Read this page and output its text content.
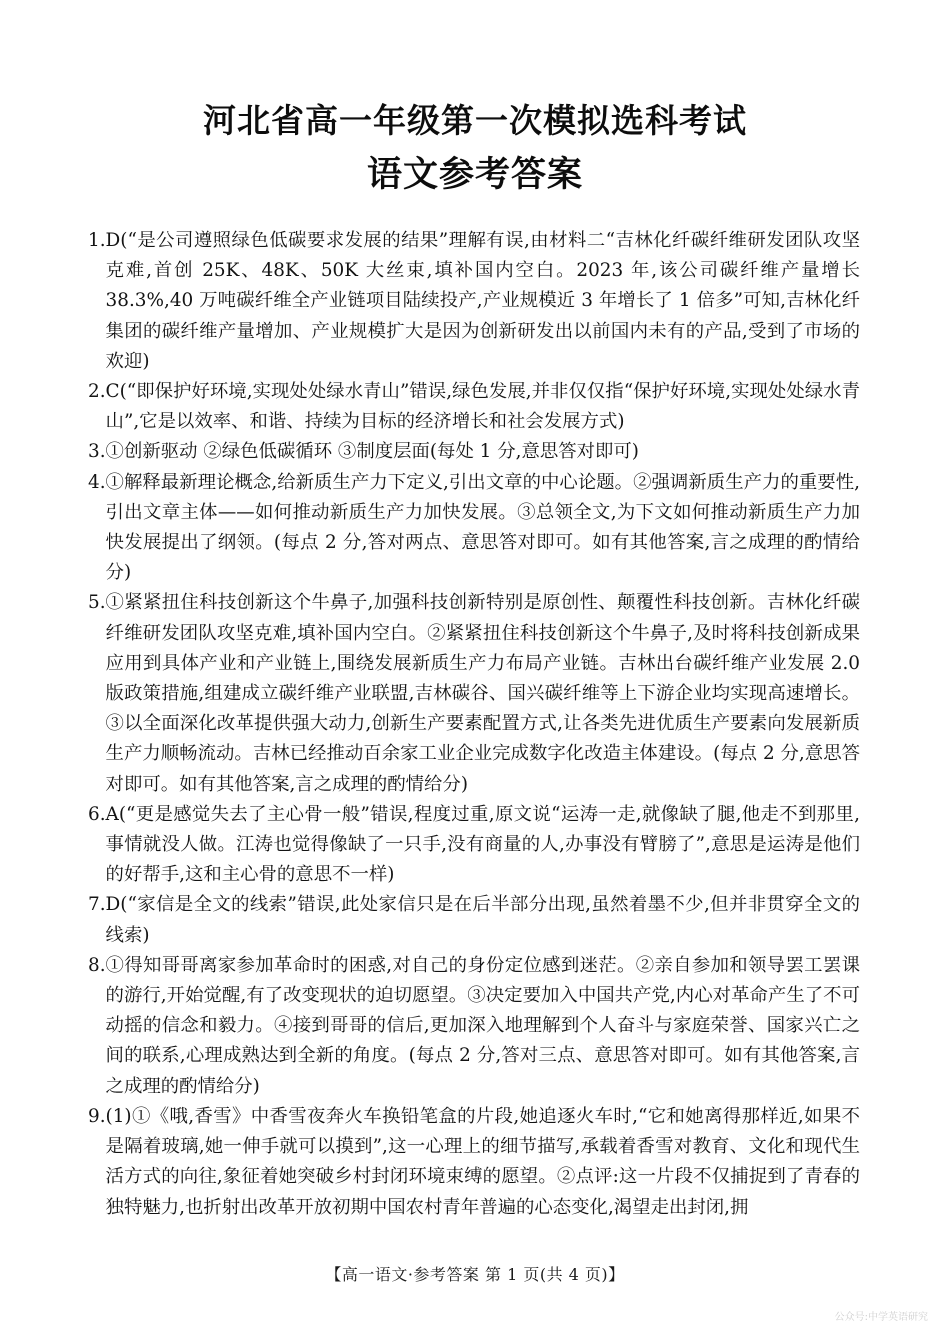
河北省高一年级第一次模拟选科考试
语文参考答案
1. D(“是公司遵照绿色低碳要求发展的结果”理解有误,由材料二“吉林化纤碳纤维研发团队攻坚克难,首创 25K、48K、50K 大丝束,填补国内空白。2023 年,该公司碳纤维产量增长 38.3%,40 万吨碳纤维全产业链项目陆续投产,产业规模近 3 年增长了 1 倍多”可知,吉林化纤集团的碳纤维产量增加、产业规模扩大是因为创新研发出以前国内未有的产品,受到了市场的欢迎)
2. C(“即保护好环境,实现处处绿水青山”错误,绿色发展,并非仅仅指“保护好环境,实现处处绿水青山”,它是以效率、和谐、持续为目标的经济增长和社会发展方式)
3. ①创新驱动 ②绿色低碳循环 ③制度层面(每处 1 分,意思答对即可)
4. ①解释最新理论概念,给新质生产力下定义,引出文章的中心论题。②强调新质生产力的重要性,引出文章主体——如何推动新质生产力加快发展。③总领全文,为下文如何推动新质生产力加快发展提出了纲领。(每点 2 分,答对两点、意思答对即可。如有其他答案,言之成理的酌情给分)
5. ①紧紧扭住科技创新这个牛鼻子,加强科技创新特别是原创性、颠覆性科技创新。吉林化纤碳纤维研发团队攻坚克难,填补国内空白。②紧紧扭住科技创新这个牛鼻子,及时将科技创新成果应用到具体产业和产业链上,围绕发展新质生产力布局产业链。吉林出台碳纤维产业发展 2.0 版政策措施,组建成立碳纤维产业联盟,吉林碳谷、国兴碳纤维等上下游企业均实现高速增长。③以全面深化改革提供强大动力,创新生产要素配置方式,让各类先进优质生产要素向发展新质生产力顺畅流动。吉林已经推动百余家工业企业完成数字化改造主体建设。(每点 2 分,意思答对即可。如有其他答案,言之成理的酌情给分)
6. A(“更是感觉失去了主心骨一般”错误,程度过重,原文说“运涛一走,就像缺了腿,他走不到那里,事情就没人做。江涛也觉得像缺了一只手,没有商量的人,办事没有臂膀了”,意思是运涛是他们的好帮手,这和主心骨的意思不一样)
7. D(“家信是全文的线索”错误,此处家信只是在后半部分出现,虽然着墨不少,但并非贯穿全文的线索)
8. ①得知哥哥离家参加革命时的困惑,对自己的身份定位感到迷茫。②亲自参加和领导罢工罢课的游行,开始觉醒,有了改变现状的迫切愿望。③决定要加入中国共产党,内心对革命产生了不可动摇的信念和毅力。④接到哥哥的信后,更加深入地理解到个人奋斗与家庭荣誉、国家兴亡之间的联系,心理成熟达到全新的角度。(每点 2 分,答对三点、意思答对即可。如有其他答案,言之成理的酌情给分)
9. (1)①《哦,香雪》中香雪夜奔火车换铅笔盒的片段,她追逐火车时,“它和她离得那样近,如果不是隔着玻璃,她一伸手就可以摸到”,这一心理上的细节描写,承载着香雪对教育、文化和现代生活方式的向往,象征着她突破乡村封闭环境束缚的愿望。②点评:这一片段不仅捕捉到了青春的独特魅力,也折射出改革开放初期中国农村青年普遍的心态变化,渴望走出封闭,拥
【高一语文·参考答案 第 1 页(共 4 页)】
公众号:中学英语研究
